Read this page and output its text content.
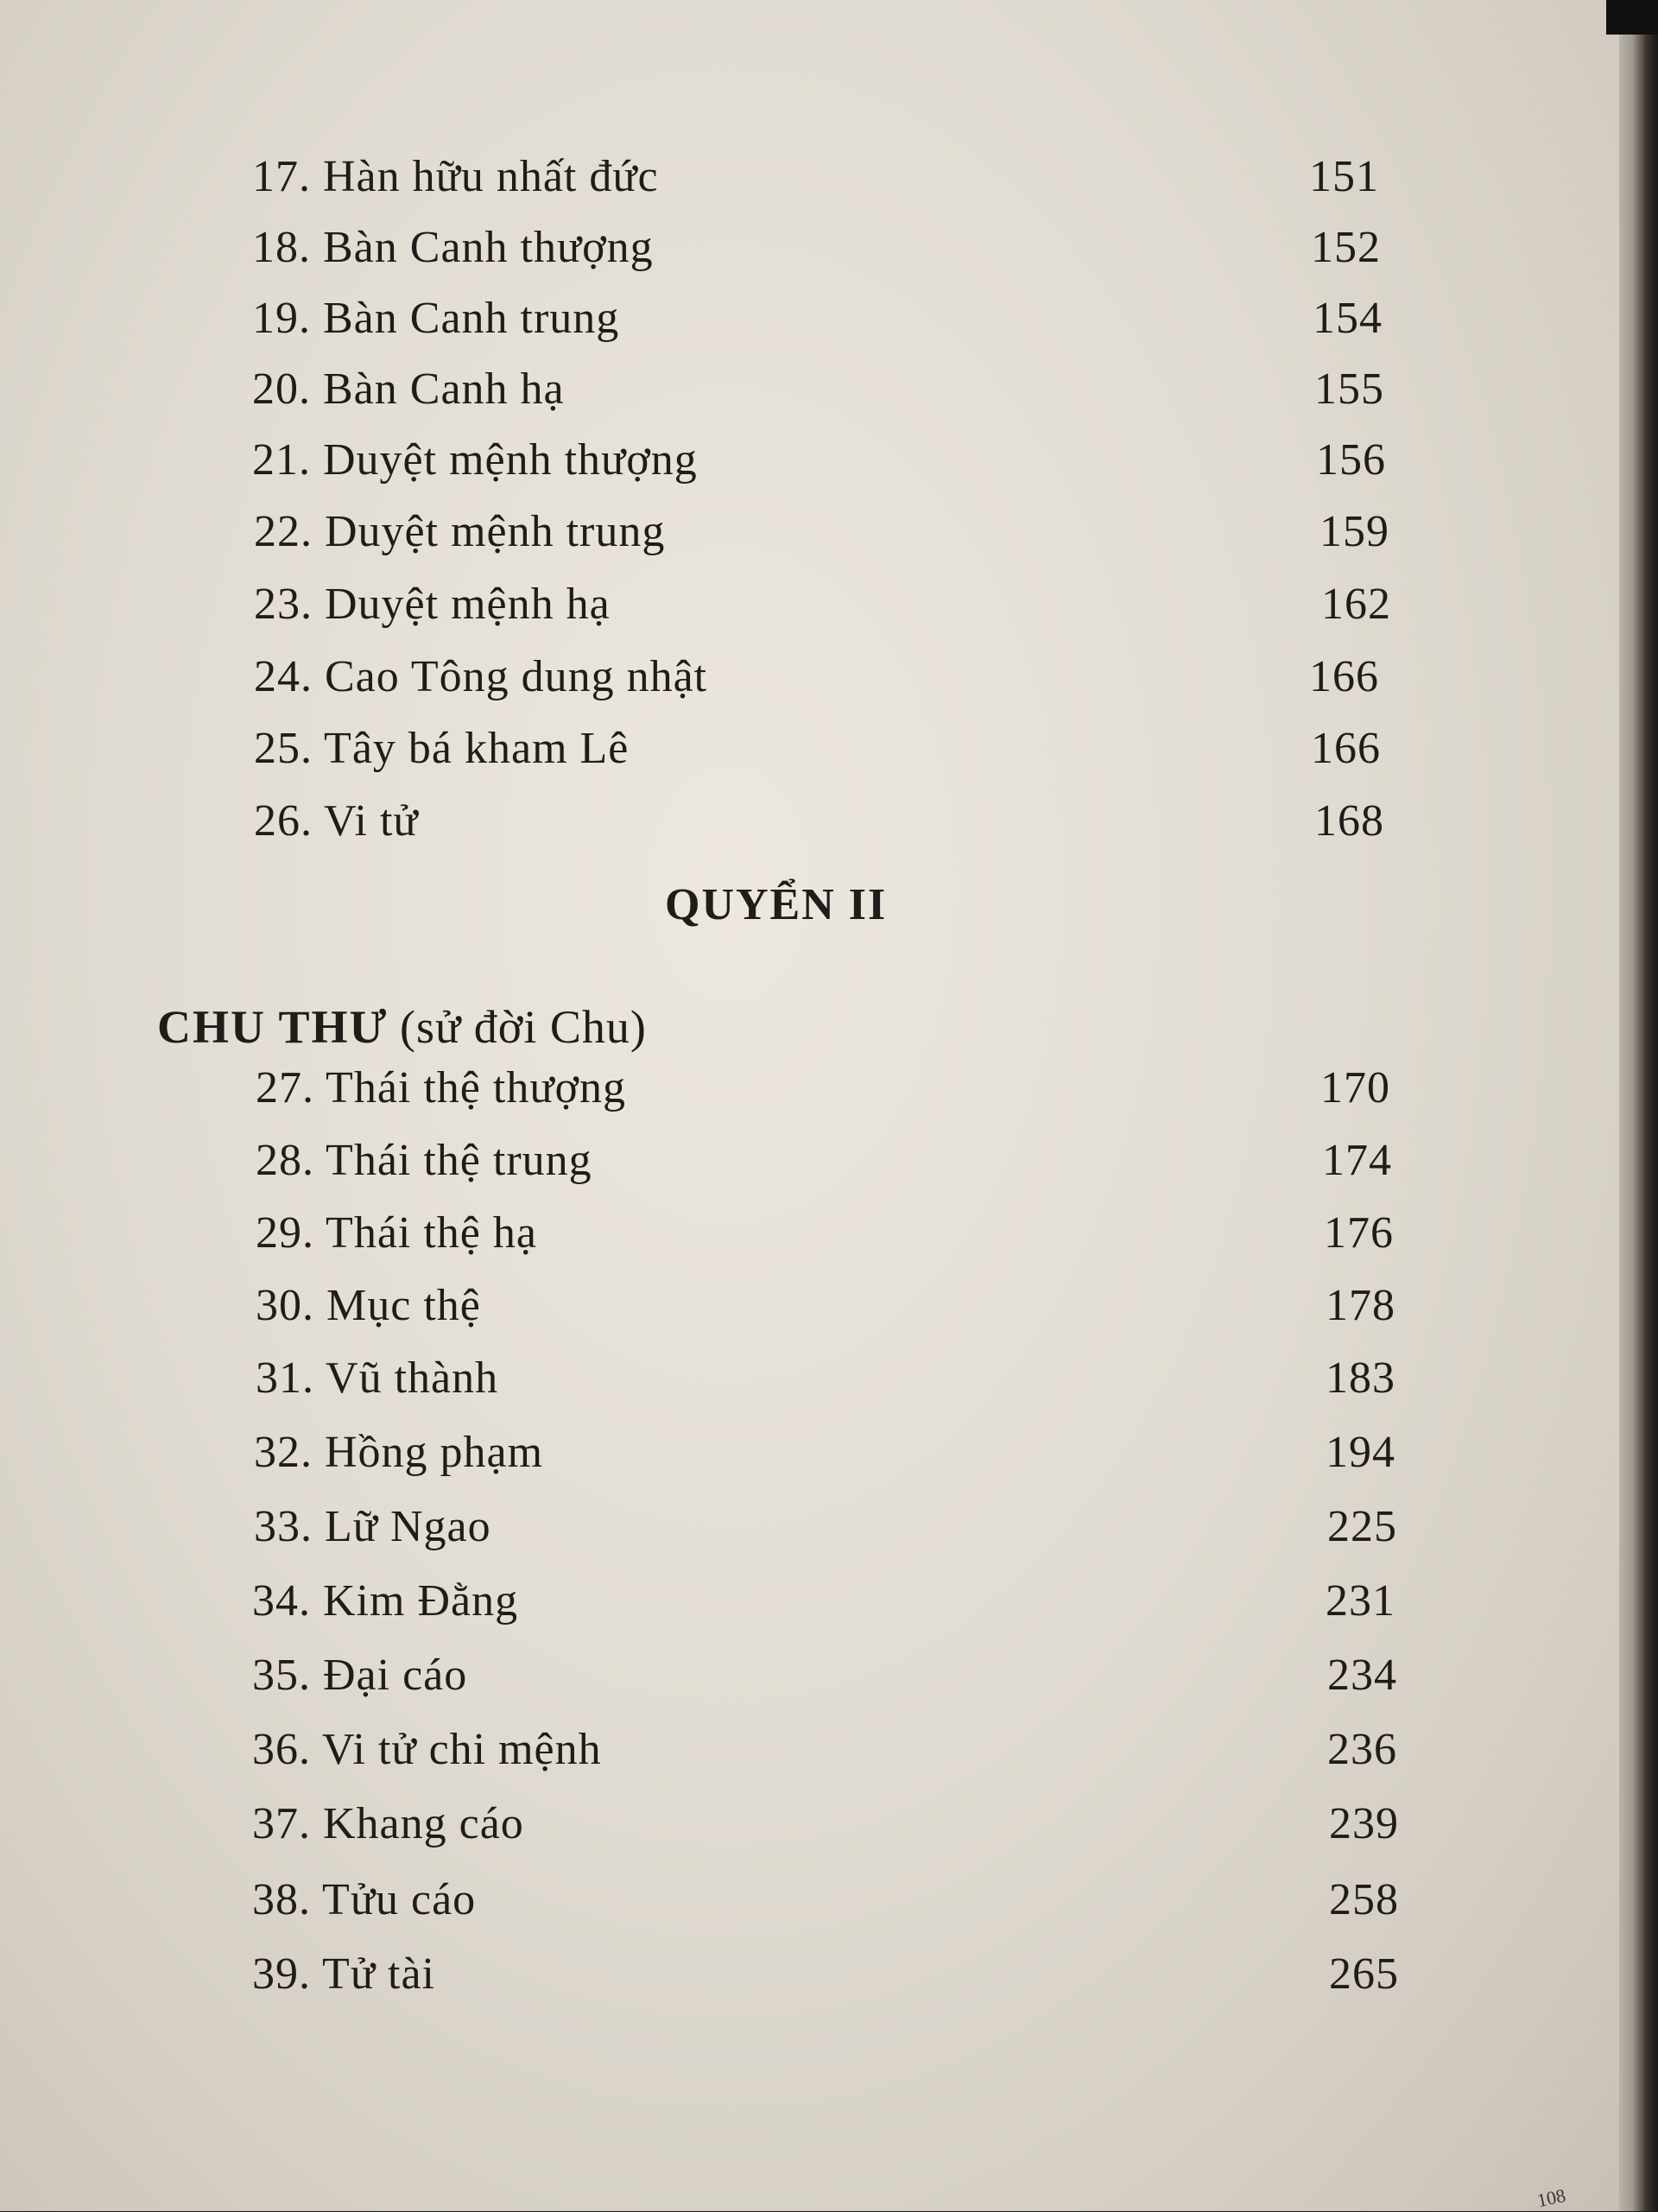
17. Hàn hữu nhất đức	151
18. Bàn Canh thượng	152
19. Bàn Canh trung	154
20. Bàn Canh hạ	155
21. Duyệt mệnh thượng	156
22. Duyệt mệnh trung	159
23. Duyệt mệnh hạ	162
24. Cao Tông dung nhật	166
25. Tây bá kham Lê	166
26. Vi tử	168
QUYỂN II
CHU THƯ (sử đời Chu)
27. Thái thệ thượng	170
28. Thái thệ trung	174
29. Thái thệ hạ	176
30. Mục thệ	178
31. Vũ thành	183
32. Hồng phạm	194
33. Lữ Ngao	225
34. Kim Đằng	231
35. Đại cáo	234
36. Vi tử chi mệnh	236
37. Khang cáo	239
38. Tửu cáo	258
39. Tử tài	265
108
